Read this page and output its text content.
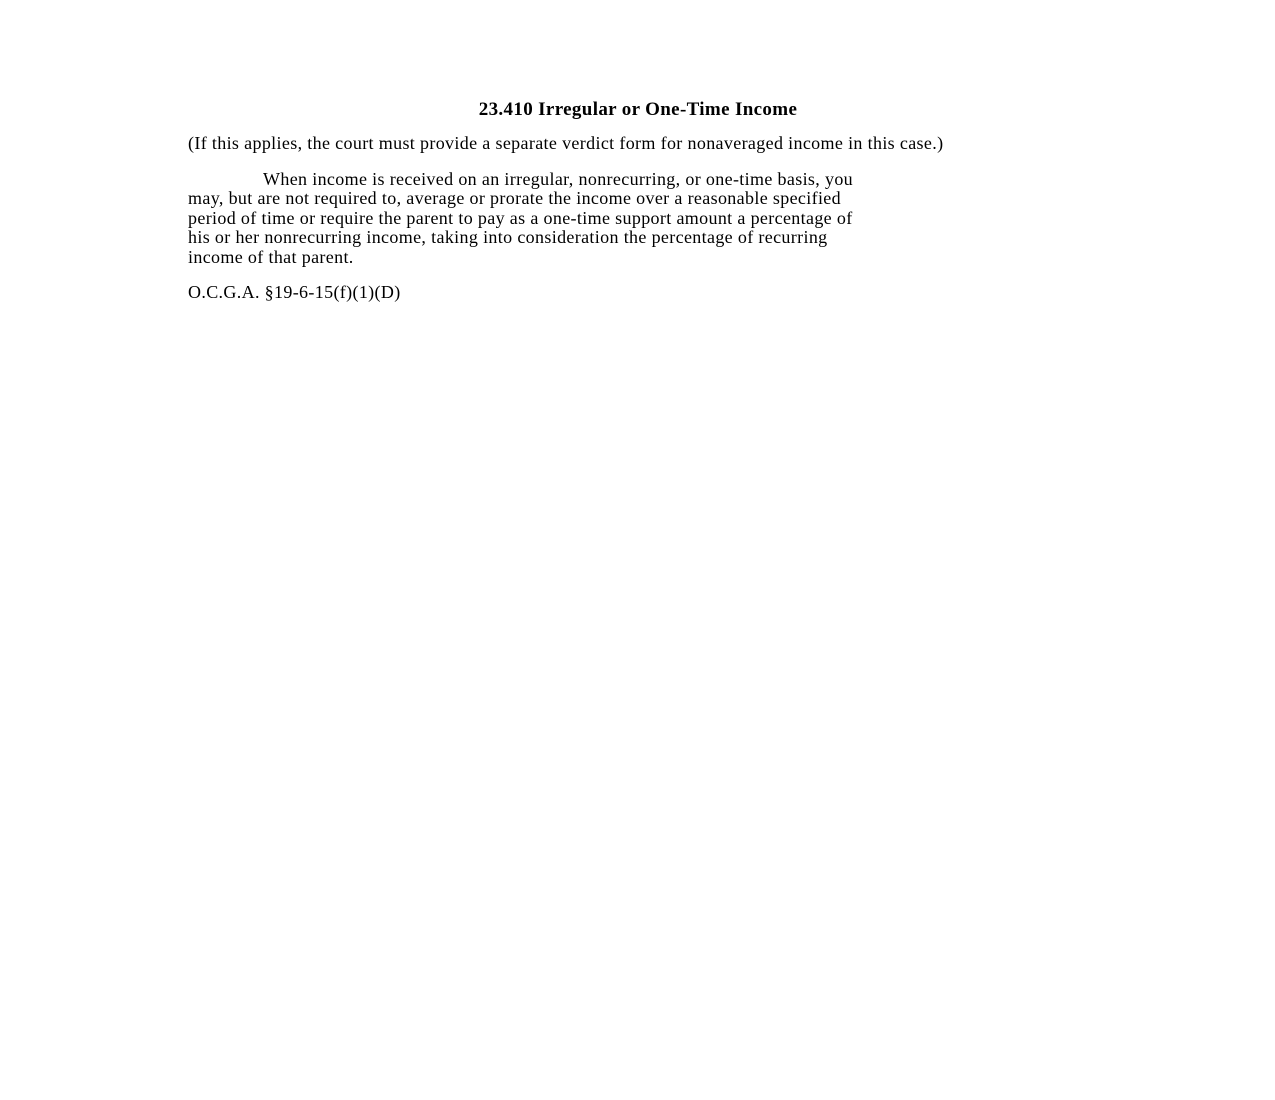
23.410 Irregular or One-Time Income

(If this applies, the court must provide a separate verdict form for nonaveraged income in this case.)

When income is received on an irregular, nonrecurring, or one-time basis, you
may, but are not required to, average or prorate the income over a reasonable specified
period of time or require the parent to pay as a one-time support amount a percentage of
his or her nonrecurring income, taking into consideration the percentage of recurring
income of that parent.

O.C.G.A. §19-6-15(f)(1)(D)
